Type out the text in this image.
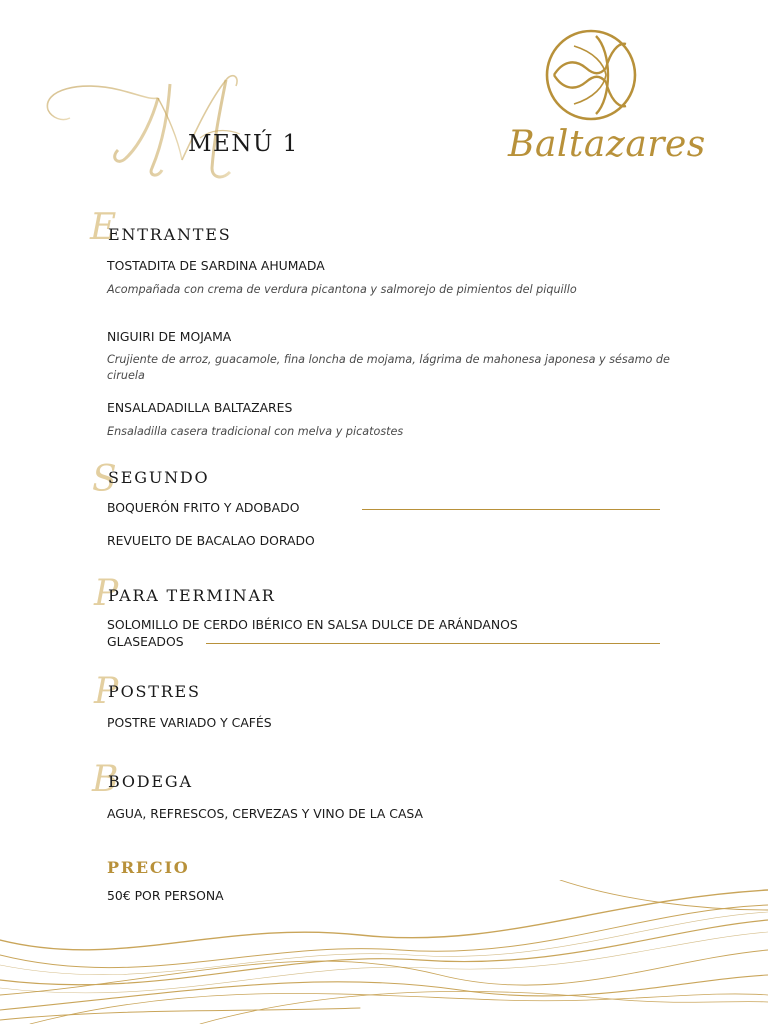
MENÚ 1	Baltazares
E
ENTRANTES
TOSTADITA DE SARDINA AHUMADA
Acompañada con crema de verdura picantona y salmorejo de pimientos del piquillo
NIGUIRI DE MOJAMA
Crujiente de arroz, guacamole, fina loncha de mojama, lágrima de mahonesa japonesa y sésamo de ciruela
ENSALADADILLA BALTAZARES
Ensaladilla casera tradicional con melva y picatostes
S
SEGUNDO
BOQUERÓN FRITO Y ADOBADO
REVUELTO DE BACALAO DORADO
P
PARA TERMINAR
SOLOMILLO DE CERDO IBÉRICO EN SALSA DULCE DE ARÁNDANOS
GLASEADOS
P
POSTRES
POSTRE VARIADO Y CAFÉS
B
BODEGA
AGUA, REFRESCOS, CERVEZAS Y VINO DE LA CASA
PRECIO
50€ POR PERSONA
